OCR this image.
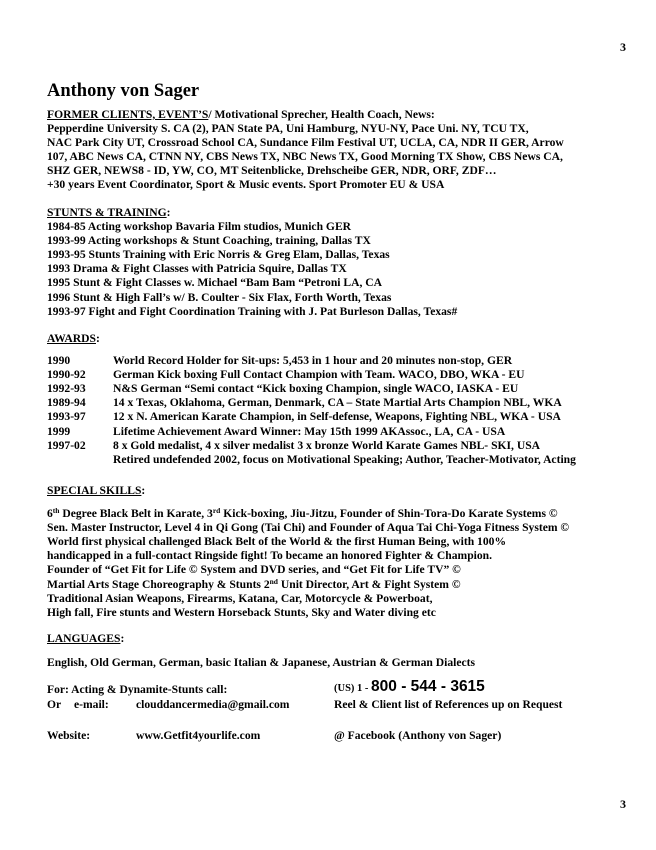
3
Anthony von Sager
FORMER CLIENTS, EVENT’S/ Motivational Sprecher, Health Coach, News:
Pepperdine University S. CA (2), PAN State PA, Uni Hamburg, NYU-NY, Pace Uni. NY, TCU TX,
NAC Park City UT, Crossroad School CA, Sundance Film Festival UT, UCLA, CA, NDR II GER, Arrow
107, ABC News CA, CTNN NY, CBS News TX, NBC News TX, Good Morning TX Show, CBS News CA,
SHZ GER, NEWS8 - ID, YW, CO, MT Seitenblicke, Drehscheibe GER, NDR, ORF, ZDF…
+30 years Event Coordinator, Sport & Music events. Sport Promoter EU & USA
STUNTS & TRAINING:
1984-85 Acting workshop Bavaria Film studios, Munich GER
1993-99 Acting workshops & Stunt Coaching, training, Dallas TX
1993-95 Stunts Training with Eric Norris & Greg Elam, Dallas, Texas
1993 Drama & Fight Classes with Patricia Squire, Dallas TX
1995 Stunt & Fight Classes w. Michael “Bam Bam “Petroni LA, CA
1996 Stunt & High Fall’s w/ B. Coulter - Six Flax, Forth Worth, Texas
1993-97 Fight and Fight Coordination Training with J. Pat Burleson Dallas, Texas#
AWARDS:
1990	World Record Holder for Sit-ups: 5,453 in 1 hour and 20 minutes non-stop, GER
1990-92 German Kick boxing Full Contact Champion with Team. WACO, DBO, WKA - EU
1992-93 N&S German “Semi contact “Kick boxing Champion, single WACO, IASKA - EU
1989-94 14 x Texas, Oklahoma, German, Denmark, CA – State Martial Arts Champion NBL, WKA
1993-97 12 x N. American Karate Champion, in Self-defense, Weapons, Fighting NBL, WKA - USA
1999	Lifetime Achievement Award Winner: May 15th 1999 AKAssoc., LA, CA - USA
1997-02 8 x Gold medalist, 4 x silver medalist 3 x bronze World Karate Games NBL- SKI, USA
Retired undefended 2002, focus on Motivational Speaking; Author, Teacher-Motivator, Acting
SPECIAL SKILLS:
6th Degree Black Belt in Karate, 3rd Kick-boxing, Jiu-Jitzu, Founder of Shin-Tora-Do Karate Systems ©
Sen. Master Instructor, Level 4 in Qi Gong (Tai Chi) and Founder of Aqua Tai Chi-Yoga Fitness System ©
World first physical challenged Black Belt of the World & the first Human Being, with 100%
handicapped in a full-contact Ringside fight! To became an honored Fighter & Champion.
Founder of “Get Fit for Life © System and DVD series, and “Get Fit for Life TV” ©
Martial Arts Stage Choreography & Stunts 2nd Unit Director, Art & Fight System ©
Traditional Asian Weapons, Firearms, Katana, Car, Motorcycle & Powerboat,
High fall, Fire stunts and Western Horseback Stunts, Sky and Water diving etc
LANGUAGES:
English, Old German, German, basic Italian & Japanese, Austrian & German Dialects
For: Acting & Dynamite-Stunts call:	(US) 1 - 800 - 544 - 3615
Or e-mail: clouddancermedia@gmail.com	Reel & Client list of References up on Request
Website:	www.Getfit4yourlife.com	@ Facebook (Anthony von Sager)
3
